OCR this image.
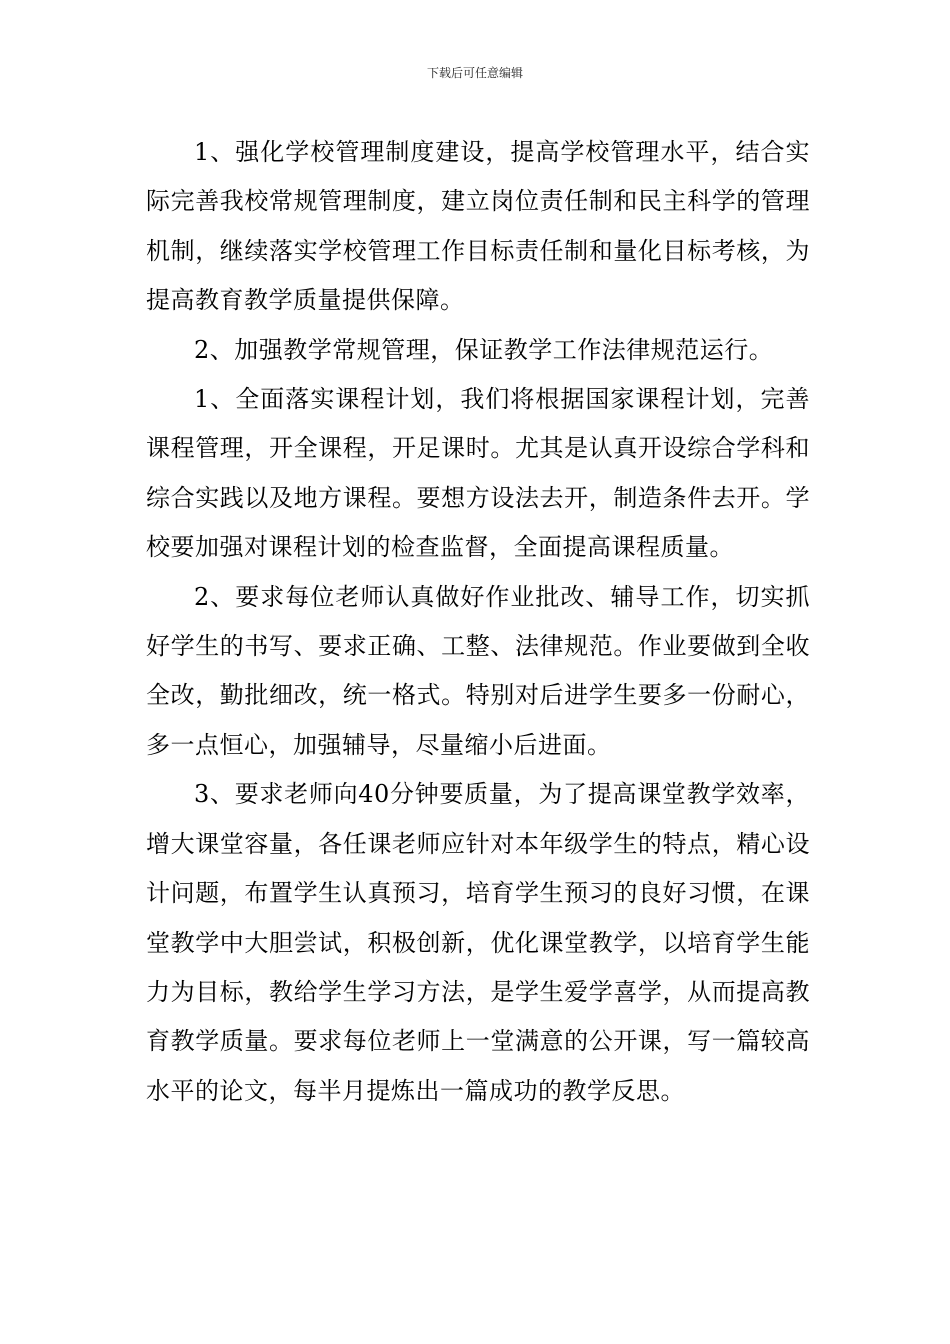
下载后可任意编辑

1、强化学校管理制度建设，提高学校管理水平，结合实际完善我校常规管理制度，建立岗位责任制和民主科学的管理机制，继续落实学校管理工作目标责任制和量化目标考核，为提高教育教学质量提供保障。

2、加强教学常规管理，保证教学工作法律规范运行。

1、全面落实课程计划，我们将根据国家课程计划，完善课程管理，开全课程，开足课时。尤其是认真开设综合学科和综合实践以及地方课程。要想方设法去开，制造条件去开。学校要加强对课程计划的检查监督，全面提高课程质量。

2、要求每位老师认真做好作业批改、辅导工作，切实抓好学生的书写、要求正确、工整、法律规范。作业要做到全收全改，勤批细改，统一格式。特别对后进学生要多一份耐心，多一点恒心，加强辅导，尽量缩小后进面。

3、要求老师向40分钟要质量，为了提高课堂教学效率，增大课堂容量，各任课老师应针对本年级学生的特点，精心设计问题，布置学生认真预习，培育学生预习的良好习惯，在课堂教学中大胆尝试，积极创新，优化课堂教学，以培育学生能力为目标，教给学生学习方法，是学生爱学喜学，从而提高教育教学质量。要求每位老师上一堂满意的公开课，写一篇较高水平的论文，每半月提炼出一篇成功的教学反思。
